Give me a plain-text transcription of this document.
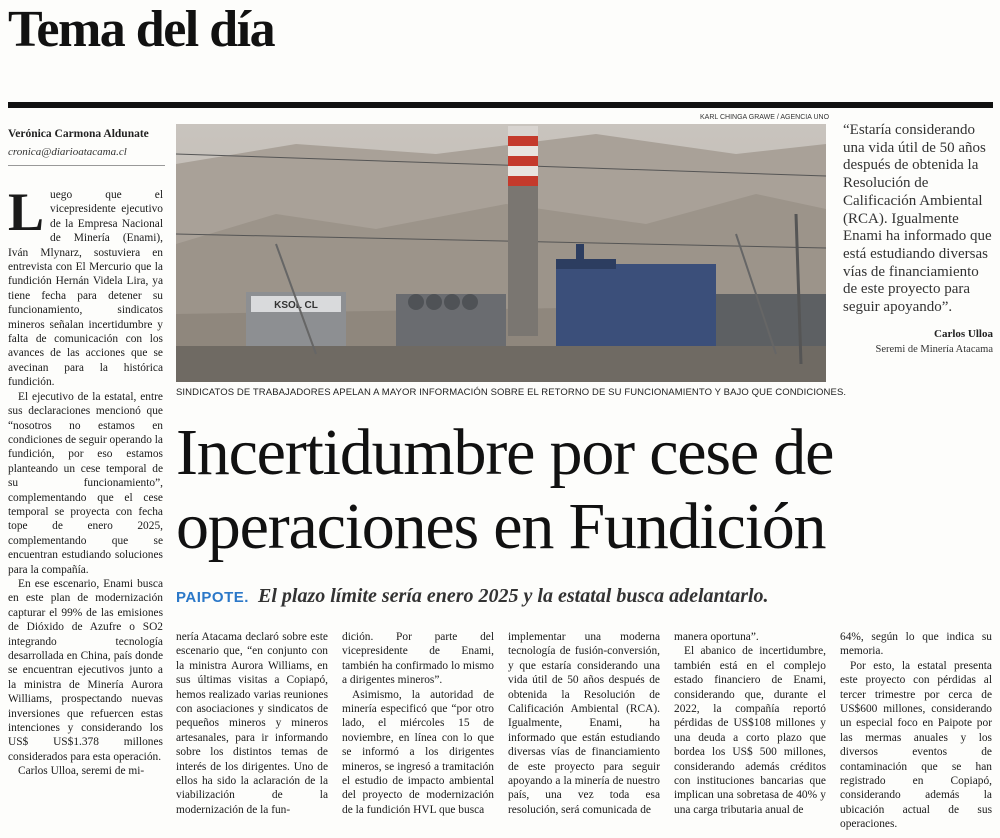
Tema del día
Verónica Carmona Aldunate
cronica@diarioatacama.cl
L uego que el vicepresidente ejecutivo de la Empresa Nacional de Minería (Enami), Iván Mlynarz, sostuviera en entrevista con El Mercurio que la fundición Hernán Videla Lira, ya tiene fecha para detener su funcionamiento, sindicatos mineros señalan incertidumbre y falta de comunicación con los avances de las acciones que se avecinan para la histórica fundición.

El ejecutivo de la estatal, entre sus declaraciones mencionó que “nosotros no estamos en condiciones de seguir operando la fundición, por eso estamos planteando un cese temporal de su funcionamiento”, complementando que el cese temporal se proyecta con fecha tope de enero 2025, complementando que se encuentran estudiando soluciones para la compañía.

En ese escenario, Enami busca en este plan de modernización capturar el 99% de las emisiones de Dióxido de Azufre o SO2 integrando tecnología desarrollada en China, país donde se encuentran ejecutivos junto a la ministra de Minería Aurora Williams, prospectando nuevas inversiones que refuercen estas intenciones y considerando los US$ US$1.378 millones considerados para esta operación.

Carlos Ulloa, seremi de mi-

KARL CHINGA GRAWE / AGENCIA UNO
KSOL CL
SINDICATOS DE TRABAJADORES APELAN A MAYOR INFORMACIÓN SOBRE EL RETORNO DE SU FUNCIONAMIENTO Y BAJO QUE CONDICIONES.
“Estaría considerando una vida útil de 50 años después de obtenida la Resolución de Calificación Ambiental (RCA). Igualmente Enami ha informado que está estudiando diversas vías de financiamiento de este proyecto para seguir apoyando”.
Carlos Ulloa
Seremi de Minería Atacama
Incertidumbre por cese de
operaciones en Fundición
PAIPOTE. El plazo límite sería enero 2025 y la estatal busca adelantarlo.

nería Atacama declaró sobre este escenario que, “en conjunto con la ministra Aurora Williams, en sus últimas visitas a Copiapó, hemos realizado varias reuniones con asociaciones y sindicatos de pequeños mineros y mineros artesanales, para ir informando sobre los distintos temas de interés de los dirigentes. Uno de ellos ha sido la aclaración de la viabilización de la modernización de la fun-

dición. Por parte del vicepresidente de Enami, también ha confirmado lo mismo a dirigentes mineros”.

Asimismo, la autoridad de minería especificó que “por otro lado, el miércoles 15 de noviembre, en línea con lo que se informó a los dirigentes mineros, se ingresó a tramitación el estudio de impacto ambiental del proyecto de modernización de la fundición HVL que busca

implementar una moderna tecnología de fusión-conversión, y que estaría considerando una vida útil de 50 años después de obtenida la Resolución de Calificación Ambiental (RCA). Igualmente, Enami, ha informado que están estudiando diversas vías de financiamiento de este proyecto para seguir apoyando a la minería de nuestro país, una vez toda esa resolución, será comunicada de

manera oportuna”.

El abanico de incertidumbre, también está en el complejo estado financiero de Enami, considerando que, durante el 2022, la compañía reportó pérdidas de US$108 millones y una deuda a corto plazo que bordea los US$ 500 millones, considerando además créditos con instituciones bancarias que implican una sobretasa de 40% y una carga tributaria anual de

64%, según lo que indica su memoria.

Por esto, la estatal presenta este proyecto con pérdidas al tercer trimestre por cerca de US$600 millones, considerando un especial foco en Paipote por las mermas anuales y los diversos eventos de contaminación que se han registrado en Copiapó, considerando además la ubicación actual de sus operaciones.
